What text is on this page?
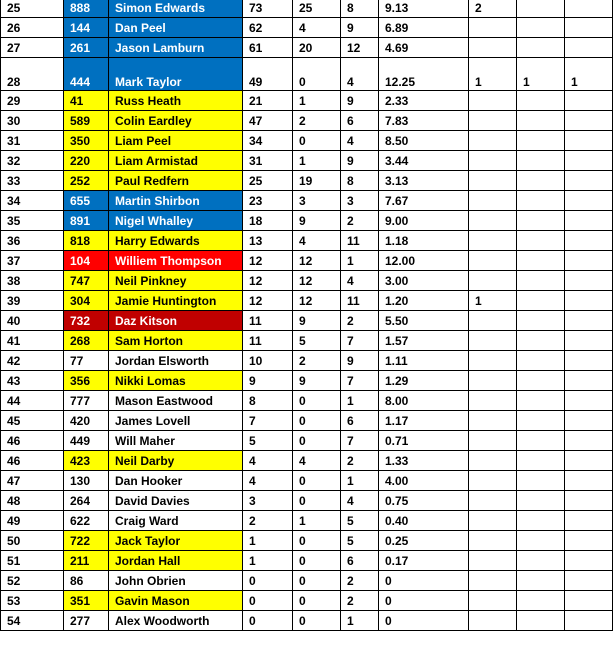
25	888	Simon Edwards	73	25	8	9.13	2		
26	144	Dan Peel	62	4	9	6.89			
27	261	Jason Lamburn	61	20	12	4.69			
28	444	Mark Taylor	49	0	4	12.25	1	1	1
29	41	Russ Heath	21	1	9	2.33			
30	589	Colin Eardley	47	2	6	7.83			
31	350	Liam Peel	34	0	4	8.50			
32	220	Liam Armistad	31	1	9	3.44			
33	252	Paul Redfern	25	19	8	3.13			
34	655	Martin Shirbon	23	3	3	7.67			
35	891	Nigel Whalley	18	9	2	9.00			
36	818	Harry Edwards	13	4	11	1.18			
37	104	Williem Thompson	12	12	1	12.00			
38	747	Neil Pinkney	12	12	4	3.00			
39	304	Jamie Huntington	12	12	11	1.20	1		
40	732	Daz Kitson	11	9	2	5.50			
41	268	Sam Horton	11	5	7	1.57			
42	77	Jordan Elsworth	10	2	9	1.11			
43	356	Nikki Lomas	9	9	7	1.29			
44	777	Mason Eastwood	8	0	1	8.00			
45	420	James Lovell	7	0	6	1.17			
46	449	Will Maher	5	0	7	0.71			
46	423	Neil Darby	4	4	2	1.33			
47	130	Dan Hooker	4	0	1	4.00			
48	264	David Davies	3	0	4	0.75			
49	622	Craig Ward	2	1	5	0.40			
50	722	Jack Taylor	1	0	5	0.25			
51	211	Jordan Hall	1	0	6	0.17			
52	86	John Obrien	0	0	2	0			
53	351	Gavin Mason	0	0	2	0			
54	277	Alex Woodworth	0	0	1	0			
